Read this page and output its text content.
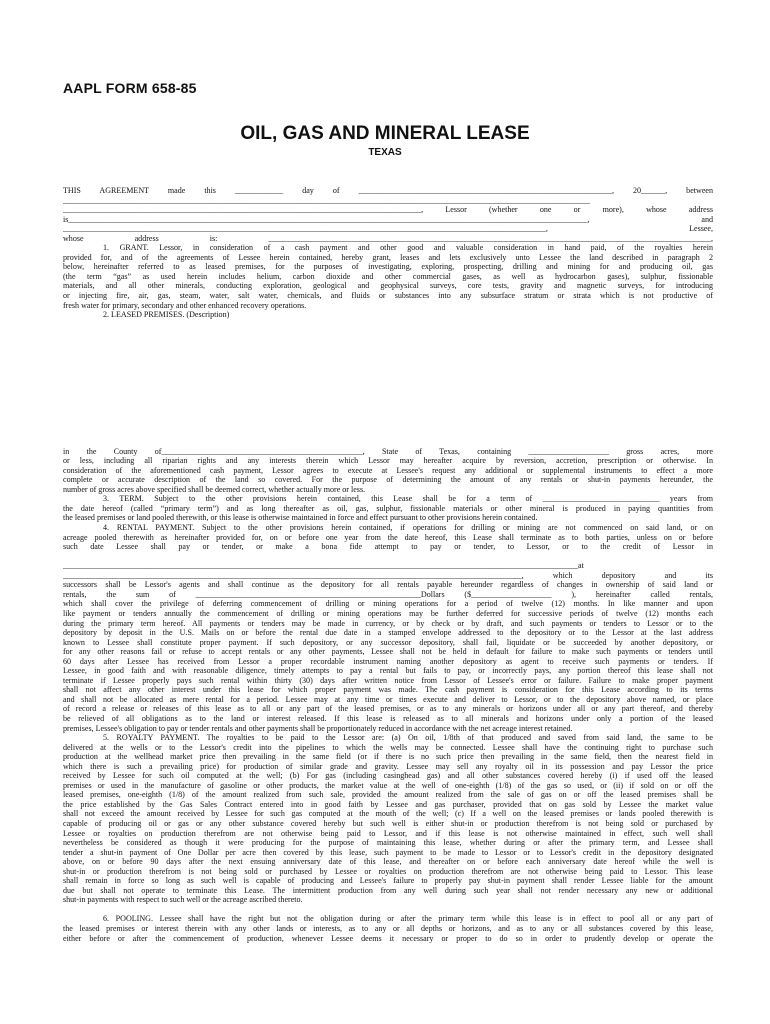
AAPL FORM 658-85
OIL, GAS AND MINERAL LEASE
TEXAS
THIS AGREEMENT made this ____________ day of _______________________________________________________________, 20______, between
___________________________________________________________________________________________________________________________________
_________________________________________________________________________________________, Lessor (whether one or more), whose address
is_________________________________________________________________________________________________________________________________, and
________________________________________________________________________________________________________________________, Lessee,
whose address is: ______________________________________________________________________________________________________________,
1. GRANT. Lessor, in consideration of a cash payment and other good and valuable consideration in hand paid, of the royalties herein
provided for, and of the agreements of Lessee herein contained, hereby grant, leases and lets exclusively unto Lessee the land described in paragraph 2
below, hereinafter referred to as leased premises, for the purposes of investigating, exploring, prospecting, drilling and mining for and producing oil, gas
(the term “gas” as used herein includes helium, carbon dioxide and other commercial gases, as well as hydrocarbon gases), sulphur, fissionable
materials, and all other minerals, conducting exploration, geological and geophysical surveys, core tests, gravity and magnetic surveys, for introducing
or injecting fire, air, gas, steam, water, salt water, chemicals, and fluids or substances into any subsurface stratum or strata which is not productive of
fresh water for primary, secondary and other enhanced recovery operations.
2. LEASED PREMISES. (Description)
in the County of__________________________________________________, State of Texas, containing ____________________ gross acres, more
or less, including all riparian rights and any interests therein which Lessor may hereafter acquire by reversion, accretion, prescription or otherwise. In
consideration of the aforementioned cash payment, Lessor agrees to execute at Lessee's request any additional or supplemental instruments to effect a more
complete or accurate description of the land so covered. For the purpose of determining the amount of any rentals or shut-in payments hereunder, the
number of gross acres above specified shall be deemed correct, whether actually more or less.
3. TERM. Subject to the other provisions herein contained, this Lease shall be for a term of _____________________________ years from
the date hereof (called “primary term”) and as long thereafter as oil, gas, sulphur, fissionable materials or other mineral is produced in paying quantities from
the leased premises or land pooled therewith, or this lease is otherwise maintained in force and effect pursuant to other provisions herein contained.
4. RENTAL PAYMENT. Subject to the other provisions herein contained, if operations for drilling or mining are not commenced on said land, or on
acreage pooled therewith as hereinafter provided for, on or before one year from the date hereof, this Lease shall terminate as to both parties, unless on or before
such date Lessee shall pay or tender, or make a bona fide attempt to pay or tender, to Lessor, or to the credit of Lessor in
________________________________________________________________________________________________________________________________at
__________________________________________________________________________________________________________________, which depository and its
successors shall be Lessor's agents and shall continue as the depository for all rentals payable hereunder regardless of changes in ownership of said land or
rentals, the sum of ________________________________________________________Dollars ($____________________ ), hereinafter called rentals,
which shall cover the privilege of deferring commencement of drilling or mining operations for a period of twelve (12) months. In like manner and upon
like payment or tenders annually the commencement of drilling or mining operations may be further deferred for successive periods of twelve (12) months each
during the primary term hereof. All payments or tenders may be made in currency, or by check or by draft, and such payments or tenders to Lessor or to the
depository by deposit in the U.S. Mails on or before the rental due date in a stamped envelope addressed to the depository or to the Lessor at the last address
known to Lessee shall constitute proper payment. If such depository, or any successor depository, shall fail, liquidate or be succeeded by another depository, or
for any other reasons fail or refuse to accept rentals or any other payments, Lessee shall not be held in default for failure to make such payments or tenders until
60 days after Lessee has received from Lessor a proper recordable instrument naming another depository as agent to receive such payments or tenders. If
Lessee, in good faith and with reasonable diligence, timely attempts to pay a rental but fails to pay, or incorrectly pays, any portion thereof this lease shall not
terminate if Lessee properly pays such rental within thirty (30) days after written notice from Lessor of Lessee's error or failure. Failure to make proper payment
shall not affect any other interest under this lease for which proper payment was made. The cash payment is consideration for this Lease according to its terms
and shall not be allocated as mere rental for a period. Lessee may at any time or times execute and deliver to Lessor, or to the depository above named, or place
of record a release or releases of this lease as to all or any part of the leased premises, or as to any minerals or horizons under all or any part thereof, and thereby
be relieved of all obligations as to the land or interest released. If this lease is released as to all minerals and horizons under only a portion of the leased
premises, Lessee's obligation to pay or tender rentals and other payments shall be proportionately reduced in accordance with the net acreage interest retained.
5. ROYALTY PAYMENT. The royalties to be paid to the Lessor are: (a) On oil, 1/8th of that produced and saved from said land, the same to be
delivered at the wells or to the Lessor's credit into the pipelines to which the wells may be connected. Lessee shall have the continuing right to purchase such
production at the wellhead market price then prevailing in the same field (or if there is no such price then prevailing in the same field, then the nearest field in
which there is such a prevailing price) for production of similar grade and gravity. Lessee may sell any royalty oil in its possession and pay Lessor the price
received by Lessee for such oil computed at the well; (b) For gas (including casinghead gas) and all other substances covered hereby (i) if used off the leased
premises or used in the manufacture of gasoline or other products, the market value at the well of one-eighth (1/8) of the gas so used, or (ii) if sold on or off the
leased premises, one-eighth (1/8) of the amount realized from such sale, provided the amount realized from the sale of gas on or off the leased premises shall be
the price established by the Gas Sales Contract entered into in good faith by Lessee and gas purchaser, provided that on gas sold by Lessee the market value
shall not exceed the amount received by Lessee for such gas computed at the mouth of the well; (c) If a well on the leased premises or lands pooled therewith is
capable of producing oil or gas or any other substance covered hereby but such well is either shut-in or production therefrom is not being sold or purchased by
Lessee or royalties on production therefrom are not otherwise being paid to Lessor, and if this lease is not otherwise maintained in effect, such well shall
nevertheless be considered as though it were producing for the purpose of maintaining this lease, whether during or after the primary term, and Lessee shall
tender a shut-in payment of One Dollar per acre then covered by this lease, such payment to be made to Lessor or to Lessor's credit in the depository designated
above, on or before 90 days after the next ensuing anniversary date of this lease, and thereafter on or before each anniversary date hereof while the well is
shut-in or production therefrom is not being sold or purchased by Lessee or royalties on production therefrom are not otherwise being paid to Lessor. This lease
shall remain in force so long as such well is capable of producing and Lessee's failure to properly pay shut-in payment shall render Lessee liable for the amount
due but shall not operate to terminate this Lease. The intermittent production from any well during such year shall not render necessary any new or additional
shut-in payments with respect to such well or the acreage ascribed thereto.
6. POOLING. Lessee shall have the right but not the obligation during or after the primary term while this lease is in effect to pool all or any part of
the leased premises or interest therein with any other lands or interests, as to any or all depths or horizons, and as to any or all substances covered by this lease,
either before or after the commencement of production, whenever Lessee deems it necessary or proper to do so in order to prudently develop or operate the
